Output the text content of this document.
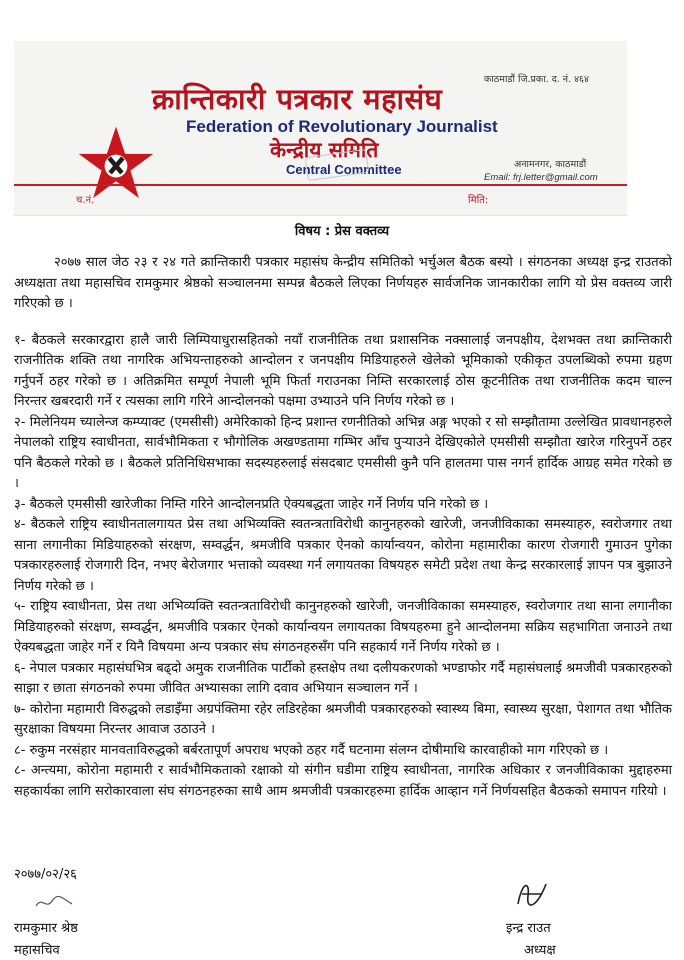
क्रान्तिकारी पत्रकार महासंघ
Federation of Revolutionary Journalist
केन्द्रीय समिति
Central Committee
काठमाडौं जि.प्रका. द. नं. ४६४
अनामनगर, काठमाडौं
Email: frj.letter@gmail.com
च.नं.	मिति:
विषय : प्रेस वक्तव्य

२०७७ साल जेठ २३ र २४ गते क्रान्तिकारी पत्रकार महासंघ केन्द्रीय समितिको भर्चुअल बैठक बस्यो । संगठनका अध्यक्ष इन्द्र राउतको अध्यक्षता तथा महासचिव रामकुमार श्रेष्ठको सञ्चालनमा सम्पन्न बैठकले लिएका निर्णयहरु सार्वजनिक जानकारीका लागि यो प्रेस वक्तव्य जारी गरिएको छ ।

१- बैठकले सरकारद्वारा हालै जारी लिम्पियाधुरासहितको नयाँ राजनीतिक तथा प्रशासनिक नक्सालाई जनपक्षीय, देशभक्त तथा क्रान्तिकारी राजनीतिक शक्ति तथा नागरिक अभियन्ताहरुको आन्दोलन र जनपक्षीय मिडियाहरुले खेलेको भूमिकाको एकीकृत उपलब्धिको रुपमा ग्रहण गर्नुपर्ने ठहर गरेको छ । अतिक्रमित सम्पूर्ण नेपाली भूमि फिर्ता गराउनका निम्ति सरकारलाई ठोस कूटनीतिक तथा राजनीतिक कदम चाल्न निरन्तर खबरदारी गर्ने र त्यसका लागि गरिने आन्दोलनको पक्षमा उभ्याउने पनि निर्णय गरेको छ ।

२- मिलेनियम च्यालेन्ज कम्प्याक्ट (एमसीसी) अमेरिकाको हिन्द प्रशान्त रणनीतिको अभिन्न अङ्ग भएको र सो सम्झौतामा उल्लेखित प्रावधानहरुले नेपालको राष्ट्रिय स्वाधीनता, सार्वभौमिकता र भौगोलिक अखण्डतामा गम्भिर आँच पुऱ्याउने देखिएकोले एमसीसी सम्झौता खारेज गरिनुपर्ने ठहर पनि बैठकले गरेको छ । बैठकले प्रतिनिधिसभाका सदस्यहरुलाई संसदबाट एमसीसी कुनै पनि हालतमा पास नगर्न हार्दिक आग्रह समेत गरेको छ ।

३- बैठकले एमसीसी खारेजीका निम्ति गरिने आन्दोलनप्रति ऐक्यबद्धता जाहेर गर्ने निर्णय पनि गरेको छ ।

४- बैठकले राष्ट्रिय स्वाधीनतालगायत प्रेस तथा अभिव्यक्ति स्वतन्त्रताविरोधी कानुनहरुको खारेजी, जनजीविकाका समस्याहरु, स्वरोजगार तथा साना लगानीका मिडियाहरुको संरक्षण, सम्वर्द्धन, श्रमजीवि पत्रकार ऐनको कार्यान्वयन, कोरोना महामारीका कारण रोजगारी गुमाउन पुगेका पत्रकारहरुलाई रोजगारी दिन, नभए बेरोजगार भत्ताको व्यवस्था गर्न लगायतका विषयहरु समेटी प्रदेश तथा केन्द्र सरकारलाई ज्ञापन पत्र बुझाउने निर्णय गरेको छ ।

५- राष्ट्रिय स्वाधीनता, प्रेस तथा अभिव्यक्ति स्वतन्त्रताविरोधी कानुनहरुको खारेजी, जनजीविकाका समस्याहरु, स्वरोजगार तथा साना लगानीका मिडियाहरुको संरक्षण, सम्वर्द्धन, श्रमजीवि पत्रकार ऐनको कार्यान्वयन लगायतका विषयहरुमा हुने आन्दोलनमा सक्रिय सहभागिता जनाउने तथा ऐक्यबद्धता जाहेर गर्ने र यिनै विषयमा अन्य पत्रकार संघ संगठनहरुसँग पनि सहकार्य गर्ने निर्णय गरेको छ ।

६- नेपाल पत्रकार महासंघभित्र बढ्दो अमुक राजनीतिक पार्टीको हस्तक्षेप तथा दलीयकरणको भण्डाफोर गर्दै महासंघलाई श्रमजीवी पत्रकारहरुको साझा र छाता संगठनको रुपमा जीवित अभ्यासका लागि दवाव अभियान सञ्चालन गर्ने ।

७- कोरोना महामारी विरुद्धको लडाइँमा अग्रपंक्तिमा रहेर लडिरहेका श्रमजीवी पत्रकारहरुको स्वास्थ्य बिमा, स्वास्थ्य सुरक्षा, पेशागत तथा भौतिक सुरक्षाका विषयमा निरन्तर आवाज उठाउने ।

८- रुकुम नरसंहार मानवताविरुद्धको बर्बरतापूर्ण अपराध भएको ठहर गर्दै घटनामा संलग्न दोषीमाथि कारवाहीको माग गरिएको छ ।

८- अन्त्यमा, कोरोना महामारी र सार्वभौमिकताको रक्षाको यो संगीन घडीमा राष्ट्रिय स्वाधीनता, नागरिक अधिकार र जनजीविकाका मुद्दाहरुमा सहकार्यका लागि सरोकारवाला संघ संगठनहरुका साथै आम श्रमजीवी पत्रकारहरुमा हार्दिक आव्हान गर्ने निर्णयसहित बैठकको समापन गरियो ।

२०७७/०२/२६
रामकुमार श्रेष्ठ
महासचिव
इन्द्र राउत
अध्यक्ष
